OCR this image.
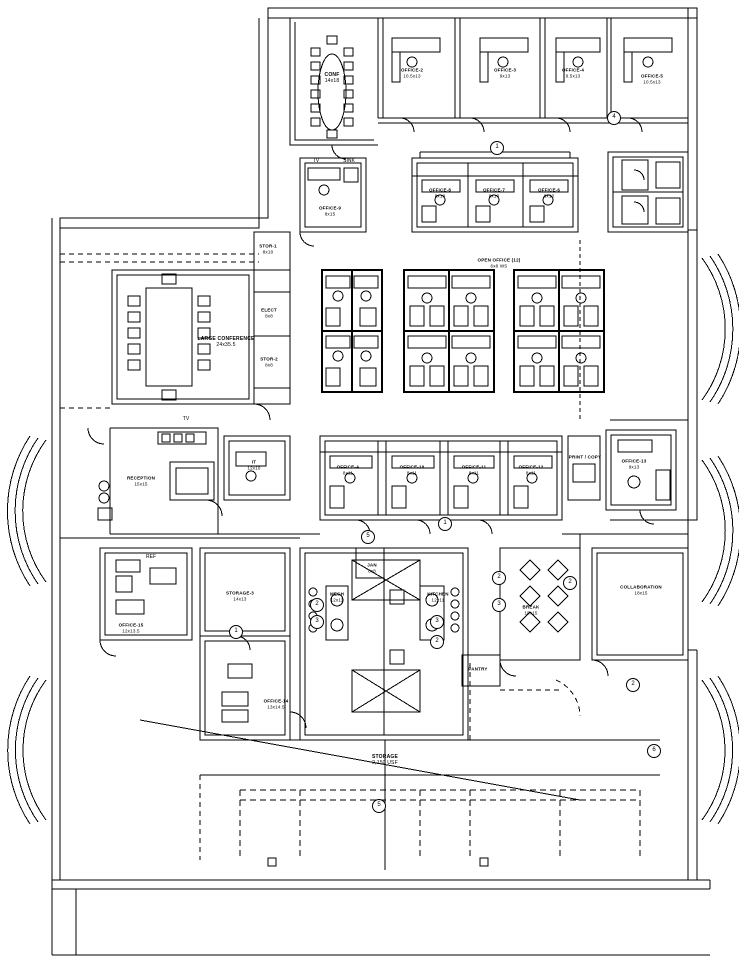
CONF
14x18
OFFICE-2
10.5x13
OFFICE-3
9x13
OFFICE-4
9.5x13	OFFICE-5
10.5x13
OFFICE-8
8x10
OFFICE-7
8x10
OFFICE-6
8x10
OFFICE-9
8x15
STOR-1
8x10
ELECT
8x8
STOR-2
8x8
LARGE CONFERENCE
24x35.5
OPEN OFFICE (12)
6x8 WS
RECEPTION
15x15
IT
12x10	OFFICE-A
8x11
OFFICE-10
8x11
OFFICE-11
8x11
OFFICE-12
8x11
PRINT / COPY
OFFICE-13
9x13
COLLABORATION
18x15
STORAGE-3
14x13
MECH
12x11
JAN
6x8
KITCHEN
12x11
BREAK
18x15
PANTRY
OFFICE-14
13x14.5
OFFICE-15
12x13.5
STORAGE
2,150 USF
TV	SINK
TV
REF
1
4
5
1
2
2
3
2
3	3
2
1
2
6
5
